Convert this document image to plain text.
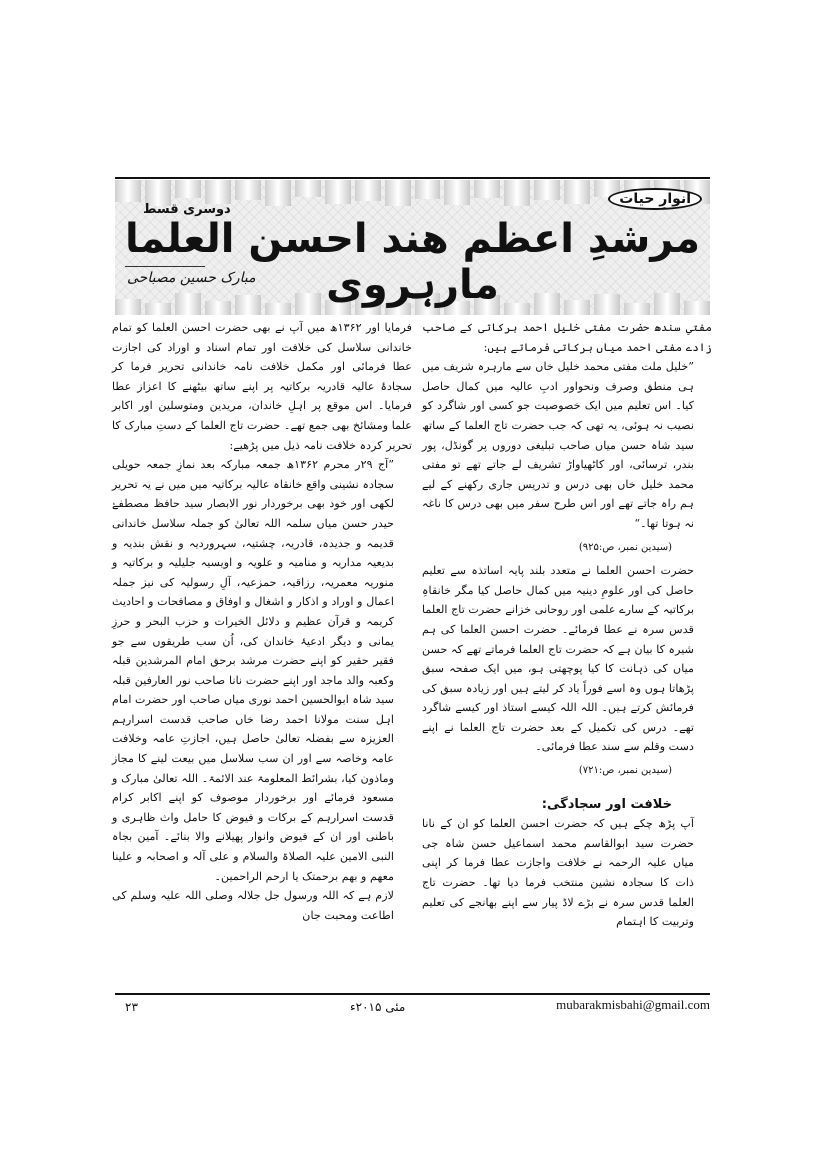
انوارِ حیات
دوسری قسط
مرشدِ اعظم ھند احسن العلما مارہروی
مبارک حسین مصباحی

مفتیِ سندھ حضرت مفتی خلیل احمد برکاتی کے صاحب زادے مفتی احمد میاں برکاتی فرماتے ہیں:

”خلیل ملت مفتی محمد خلیل خاں سے مارہرہ شریف میں ہی منطق وصرف ونحواور ادبِ عالیہ میں کمال حاصل کیا۔ اس تعلیم میں ایک خصوصیت جو کسی اور شاگرد کو نصیب نہ ہوئی، یہ تھی کہ جب حضرت تاج العلما کے ساتھ سید شاہ حسن میاں صاحب تبلیغی دوروں پر گونڈل، پور بندر، ترسائی، اور کاٹھیاواڑ تشریف لے جاتے تھے تو مفتی محمد خلیل خاں بھی درس و تدریس جاری رکھنے کے لیے ہم راہ جاتے تھے اور اس طرح سفر میں بھی درس کا ناغہ نہ ہوتا تھا۔“

(سیدین نمبر، ص:۹۲۵)

حضرت احسن العلما نے متعدد بلند پایہ اساتذہ سے تعلیم حاصل کی اور علومِ دینیہ میں کمال حاصل کیا مگر خانقاہِ برکاتیہ کے سارے علمی اور روحانی خزانے حضرت تاج العلما قدس سرہ نے عطا فرمائے۔ حضرت احسن العلما کی ہم شیرہ کا بیان ہے کہ حضرت تاج العلما فرماتے تھے کہ حسن میاں کی ذہانت کا کیا پوچھتی ہو، میں ایک صفحہ سبق پڑھاتا ہوں وہ اسے فوراً یاد کر لیتے ہیں اور زیادہ سبق کی فرمائش کرتے ہیں۔ اللہ اللہ کیسے استاذ اور کیسے شاگرد تھے۔ درس کی تکمیل کے بعد حضرت تاج العلما نے اپنے دست وقلم سے سند عطا فرمائی۔

(سیدین نمبر، ص:۷۲۱)

خلافت اور سجادگی:

آپ پڑھ چکے ہیں کہ حضرت احسن العلما کو ان کے نانا حضرت سید ابوالقاسم محمد اسماعیل حسن شاہ جی میاں علیہ الرحمہ نے خلافت واجازت عطا فرما کر اپنی ذات کا سجادہ نشین منتخب فرما دیا تھا۔ حضرت تاج العلما قدس سرہ نے بڑے لاڈ پیار سے اپنے بھانجے کی تعلیم وتربیت کا اہتمام

فرمایا اور ۱۳۶۲ھ میں آپ نے بھی حضرت احسن العلما کو تمام خاندانی سلاسل کی خلافت اور تمام اسناد و اوراد کی اجازت عطا فرمائی اور مکمل خلافت نامہ خاندانی تحریر فرما کر سجادۂ عالیہ قادریہ برکاتیہ پر اپنے ساتھ بیٹھنے کا اعزاز عطا فرمایا۔ اس موقع پر اہلِ خاندان، مریدین ومتوسلین اور اکابر علما ومشائخ بھی جمع تھے۔ حضرت تاج العلما کے دستِ مبارک کا تحریر کردہ خلافت نامہ ذیل میں پڑھیے:

”آج ۲۹ر محرم ۱۳۶۲ھ جمعہ مبارکہ بعد نمازِ جمعہ حویلی سجادہ نشینی واقع خانقاہ عالیہ برکاتیہ میں میں نے یہ تحریر لکھی اور خود بھی برخوردار نور الابصار سید حافظ مصطفےٰ حیدر حسن میاں سلمہ اللہ تعالیٰ کو جملہ سلاسل خاندانی قدیمہ و جدیدہ، قادریہ، چشتیہ، سہروردیہ و نقش بندیہ و بدیعیہ مداریہ و منامیہ و علویہ و اویسیہ جلیلیہ و برکاتیہ و منوریہ معمریہ، رزاقیہ، حمزعیہ، آلِ رسولیہ کی نیز جملہ اعمال و اوراد و اذکار و اشغال و اوفاق و مصافحات و احادیث کریمہ و قرآن عظیم و دلائل الخیرات و حزب البحر و حرزِ یمانی و دیگر ادعیۂ خاندان کی، اُن سب طریقوں سے جو فقیر حقیر کو اپنے حضرت مرشد برحق امام المرشدین قبلہ وکعبہ والد ماجد اور اپنے حضرت نانا صاحب نور العارفین قبلہ سید شاہ ابوالحسین احمد نوری میاں صاحب اور حضرت امام اہل سنت مولانا احمد رضا خاں صاحب قدست اسرارہم العزیزہ سے بفضلہ تعالیٰ حاصل ہیں، اجازتِ عامہ وخلافت عامہ وخاصہ سے اور ان سب سلاسل میں بیعت لینے کا مجاز وماذون کیا، بشرائط المعلومۃ عند الائمۃ۔ اللہ تعالیٰ مبارک و مسعود فرمائے اور برخوردار موصوف کو اپنے اکابر کرام قدست اسرارہم کے برکات و فیوض کا حامل واث ظاہری و باطنی اور ان کے فیوض وانوار پھیلانے والا بنائے۔ آمین بجاہ النبی الامین علیہ الصلاۃ والسلام و علی آلہ و اصحابہ و علینا معھم و بھم برحمتک یا ارحم الراحمین۔

لازم ہے کہ اللہ ورسول جل جلالہ وصلی اللہ علیہ وسلم کی اطاعت ومحبت جان

mubarakmisbahi@gmail.com
مئی ۲۰۱۵ء
۲۳
